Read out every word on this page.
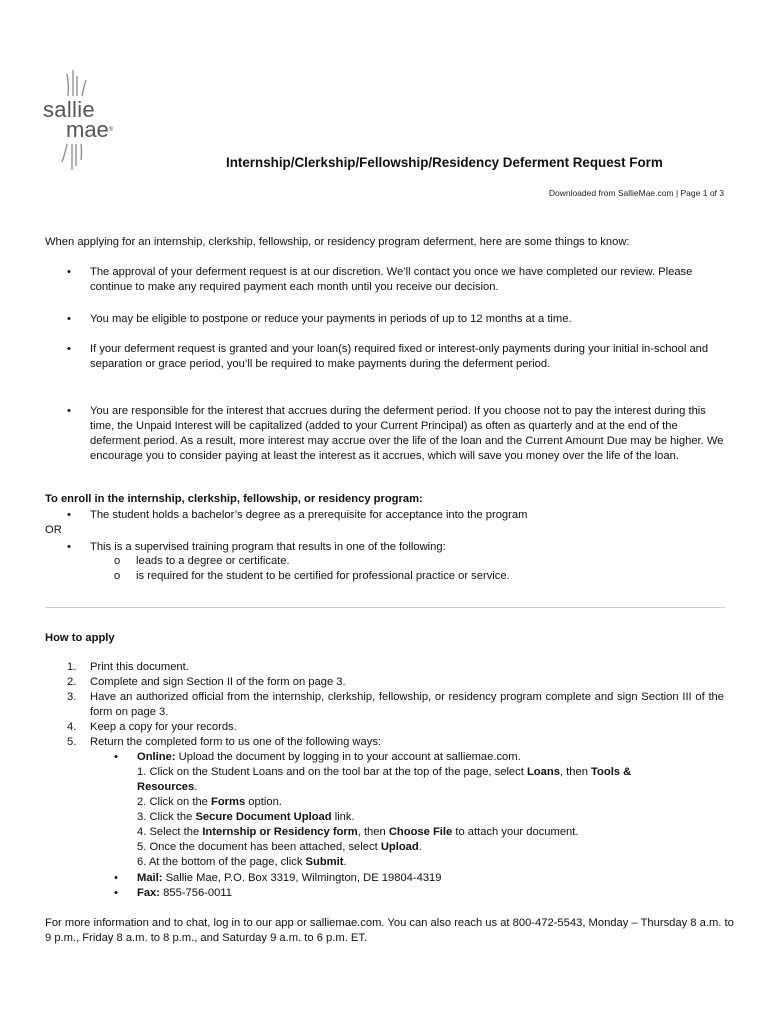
sallie
mae®
Internship/Clerkship/Fellowship/Residency Deferment Request Form
Downloaded from SallieMae.com | Page 1 of 3
When applying for an internship, clerkship, fellowship, or residency program deferment, here are some things to know:
• The approval of your deferment request is at our discretion. We’ll contact you once we have completed our review. Please continue to make any required payment each month until you receive our decision.
• You may be eligible to postpone or reduce your payments in periods of up to 12 months at a time.
• If your deferment request is granted and your loan(s) required fixed or interest-only payments during your initial in-school and separation or grace period, you’ll be required to make payments during the deferment period.
• You are responsible for the interest that accrues during the deferment period. If you choose not to pay the interest during this time, the Unpaid Interest will be capitalized (added to your Current Principal) as often as quarterly and at the end of the deferment period. As a result, more interest may accrue over the life of the loan and the Current Amount Due may be higher. We encourage you to consider paying at least the interest as it accrues, which will save you money over the life of the loan.
To enroll in the internship, clerkship, fellowship, or residency program:
• The student holds a bachelor’s degree as a prerequisite for acceptance into the program
OR
• This is a supervised training program that results in one of the following:
o leads to a degree or certificate.
o is required for the student to be certified for professional practice or service.
How to apply
1. Print this document.
2. Complete and sign Section II of the form on page 3.
3. Have an authorized official from the internship, clerkship, fellowship, or residency program complete and sign Section III of the form on page 3.
4. Keep a copy for your records.
5. Return the completed form to us one of the following ways:
• Online: Upload the document by logging in to your account at salliemae.com.
1. Click on the Student Loans and on the tool bar at the top of the page, select Loans, then Tools &
Resources.
2. Click on the Forms option.
3. Click the Secure Document Upload link.
4. Select the Internship or Residency form, then Choose File to attach your document.
5. Once the document has been attached, select Upload.
6. At the bottom of the page, click Submit.
• Mail: Sallie Mae, P.O. Box 3319, Wilmington, DE 19804-4319
• Fax: 855-756-0011
For more information and to chat, log in to our app or salliemae.com. You can also reach us at 800-472-5543, Monday – Thursday 8 a.m. to 9 p.m., Friday 8 a.m. to 8 p.m., and Saturday 9 a.m. to 6 p.m. ET.
